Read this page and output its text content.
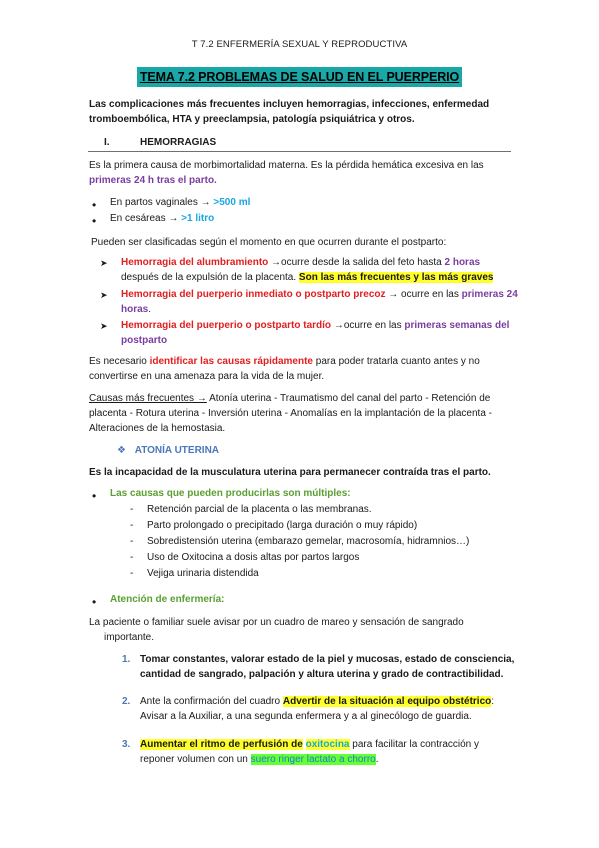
T 7.2 ENFERMERÍA SEXUAL Y REPRODUCTIVA
TEMA 7.2 PROBLEMAS DE SALUD EN EL PUERPERIO
Las complicaciones más frecuentes incluyen hemorragias, infecciones, enfermedad
tromboembólica, HTA y preeclampsia, patología psiquiátrica y otros.
I.	HEMORRAGIAS
Es la primera causa de morbimortalidad materna. Es la pérdida hemática excesiva en las
primeras 24 h tras el parto.
• En partos vaginales → >500 ml
• En cesáreas → >1 litro
Pueden ser clasificadas según el momento en que ocurren durante el postparto:
➤ Hemorragia del alumbramiento →ocurre desde la salida del feto hasta 2 horas
después de la expulsión de la placenta. Son las más frecuentes y las más graves
➤ Hemorragia del puerperio inmediato o postparto precoz → ocurre en las primeras 24
horas.
➤ Hemorragia del puerperio o postparto tardío →ocurre en las primeras semanas del
postparto
Es necesario identificar las causas rápidamente para poder tratarla cuanto antes y no
convertirse en una amenaza para la vida de la mujer.
Causas más frecuentes → Atonía uterina - Traumatismo del canal del parto - Retención de
placenta - Rotura uterina - Inversión uterina - Anomalías en la implantación de la placenta -
Alteraciones de la hemostasia.
❖ ATONÍA UTERINA
Es la incapacidad de la musculatura uterina para permanecer contraída tras el parto.
• Las causas que pueden producirlas son múltiples:
- Retención parcial de la placenta o las membranas.
- Parto prolongado o precipitado (larga duración o muy rápido)
- Sobredistensión uterina (embarazo gemelar, macrosomía, hidramnios…)
- Uso de Oxitocina a dosis altas por partos largos
- Vejiga urinaria distendida
• Atención de enfermería:
La paciente o familiar suele avisar por un cuadro de mareo y sensación de sangrado
importante.
1. Tomar constantes, valorar estado de la piel y mucosas, estado de consciencia,
cantidad de sangrado, palpación y altura uterina y grado de contractibilidad.
2. Ante la confirmación del cuadro Advertir de la situación al equipo obstétrico:
Avisar a la Auxiliar, a una segunda enfermera y a al ginecólogo de guardia.
3. Aumentar el ritmo de perfusión de oxitocina para facilitar la contracción y
reponer volumen con un suero ringer lactato a chorro.
